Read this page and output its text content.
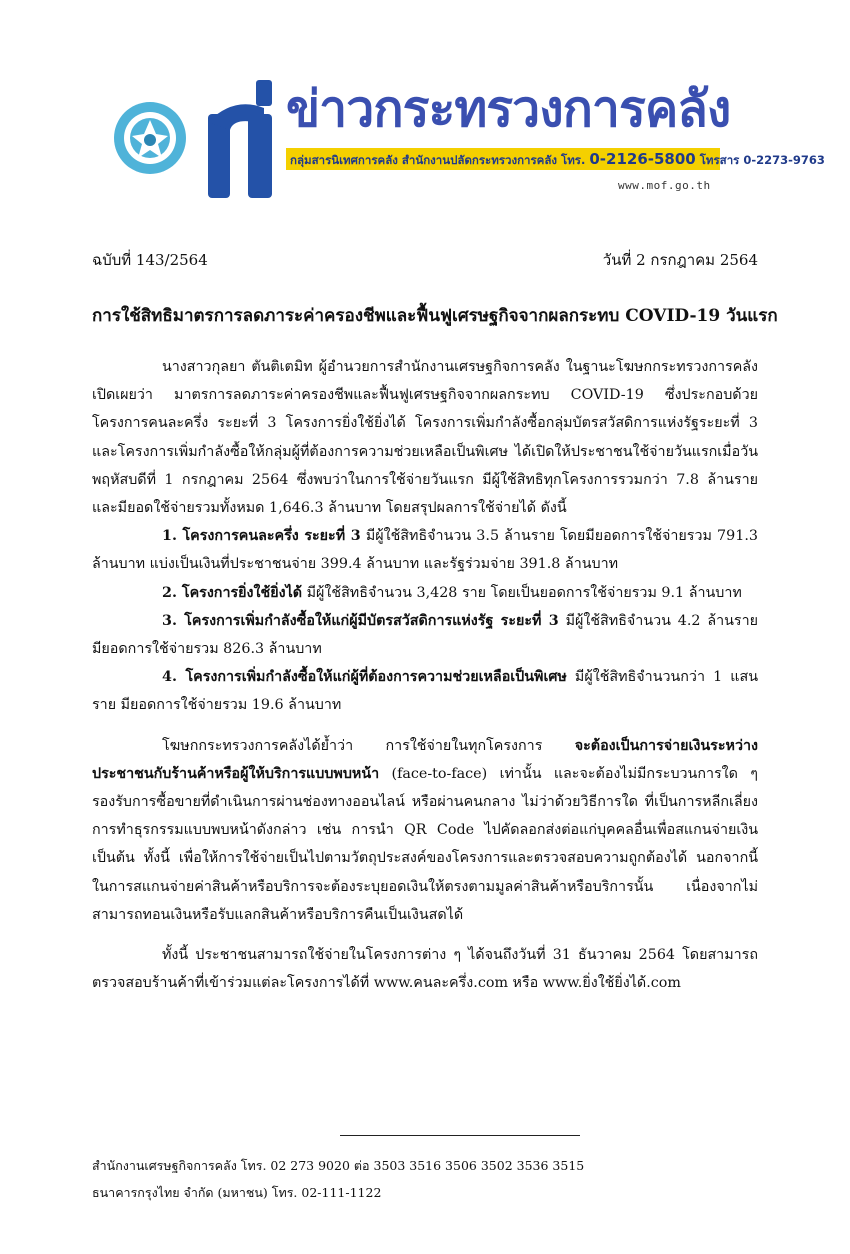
ข่าวกระทรวงการคลัง
กลุ่มสารนิเทศการคลัง สำนักงานปลัดกระทรวงการคลัง โทร. 0-2126-5800 โทรสาร 0-2273-9763
www.mof.go.th
ฉบับที่ 143/2564	วันที่ 2 กรกฎาคม 2564
การใช้สิทธิมาตรการลดภาระค่าครองชีพและฟื้นฟูเศรษฐกิจจากผลกระทบ COVID-19 วันแรก

นางสาวกุลยา ตันติเตมิท ผู้อำนวยการสำนักงานเศรษฐกิจการคลัง ในฐานะโฆษกกระทรวงการคลัง เปิดเผยว่า มาตรการลดภาระค่าครองชีพและฟื้นฟูเศรษฐกิจจากผลกระทบ COVID-19 ซึ่งประกอบด้วย โครงการคนละครึ่ง ระยะที่ 3 โครงการยิ่งใช้ยิ่งได้ โครงการเพิ่มกำลังซื้อกลุ่มบัตรสวัสดิการแห่งรัฐระยะที่ 3 และโครงการเพิ่มกำลังซื้อให้กลุ่มผู้ที่ต้องการความช่วยเหลือเป็นพิเศษ ได้เปิดให้ประชาชนใช้จ่ายวันแรกเมื่อวันพฤหัสบดีที่ 1 กรกฎาคม 2564 ซึ่งพบว่าในการใช้จ่ายวันแรก มีผู้ใช้สิทธิทุกโครงการรวมกว่า 7.8 ล้านราย และมียอดใช้จ่ายรวมทั้งหมด 1,646.3 ล้านบาท โดยสรุปผลการใช้จ่ายได้ ดังนี้

1. โครงการคนละครึ่ง ระยะที่ 3 มีผู้ใช้สิทธิจำนวน 3.5 ล้านราย โดยมียอดการใช้จ่ายรวม 791.3 ล้านบาท แบ่งเป็นเงินที่ประชาชนจ่าย 399.4 ล้านบาท และรัฐร่วมจ่าย 391.8 ล้านบาท

2. โครงการยิ่งใช้ยิ่งได้ มีผู้ใช้สิทธิจำนวน 3,428 ราย โดยเป็นยอดการใช้จ่ายรวม 9.1 ล้านบาท

3. โครงการเพิ่มกำลังซื้อให้แก่ผู้มีบัตรสวัสดิการแห่งรัฐ ระยะที่ 3 มีผู้ใช้สิทธิจำนวน 4.2 ล้านราย มียอดการใช้จ่ายรวม 826.3 ล้านบาท

4. โครงการเพิ่มกำลังซื้อให้แก่ผู้ที่ต้องการความช่วยเหลือเป็นพิเศษ มีผู้ใช้สิทธิจำนวนกว่า 1 แสนราย มียอดการใช้จ่ายรวม 19.6 ล้านบาท

โฆษกกระทรวงการคลังได้ย้ำว่า การใช้จ่ายในทุกโครงการ จะต้องเป็นการจ่ายเงินระหว่างประชาชนกับร้านค้าหรือผู้ให้บริการแบบพบหน้า (face-to-face) เท่านั้น และจะต้องไม่มีกระบวนการใด ๆ รองรับการซื้อขายที่ดำเนินการผ่านช่องทางออนไลน์ หรือผ่านคนกลาง ไม่ว่าด้วยวิธีการใด ที่เป็นการหลีกเลี่ยงการทำธุรกรรมแบบพบหน้าดังกล่าว เช่น การนำ QR Code ไปคัดลอกส่งต่อแก่บุคคลอื่นเพื่อสแกนจ่ายเงิน เป็นต้น ทั้งนี้ เพื่อให้การใช้จ่ายเป็นไปตามวัตถุประสงค์ของโครงการและตรวจสอบความถูกต้องได้ นอกจากนี้ ในการสแกนจ่ายค่าสินค้าหรือบริการจะต้องระบุยอดเงินให้ตรงตามมูลค่าสินค้าหรือบริการนั้น เนื่องจากไม่สามารถทอนเงินหรือรับแลกสินค้าหรือบริการคืนเป็นเงินสดได้

ทั้งนี้ ประชาชนสามารถใช้จ่ายในโครงการต่าง ๆ ได้จนถึงวันที่ 31 ธันวาคม 2564 โดยสามารถตรวจสอบร้านค้าที่เข้าร่วมแต่ละโครงการได้ที่ www.คนละครึ่ง.com หรือ www.ยิ่งใช้ยิ่งได้.com

สำนักงานเศรษฐกิจการคลัง โทร. 02 273 9020 ต่อ 3503 3516 3506 3502 3536 3515
ธนาคารกรุงไทย จำกัด (มหาชน) โทร. 02-111-1122
